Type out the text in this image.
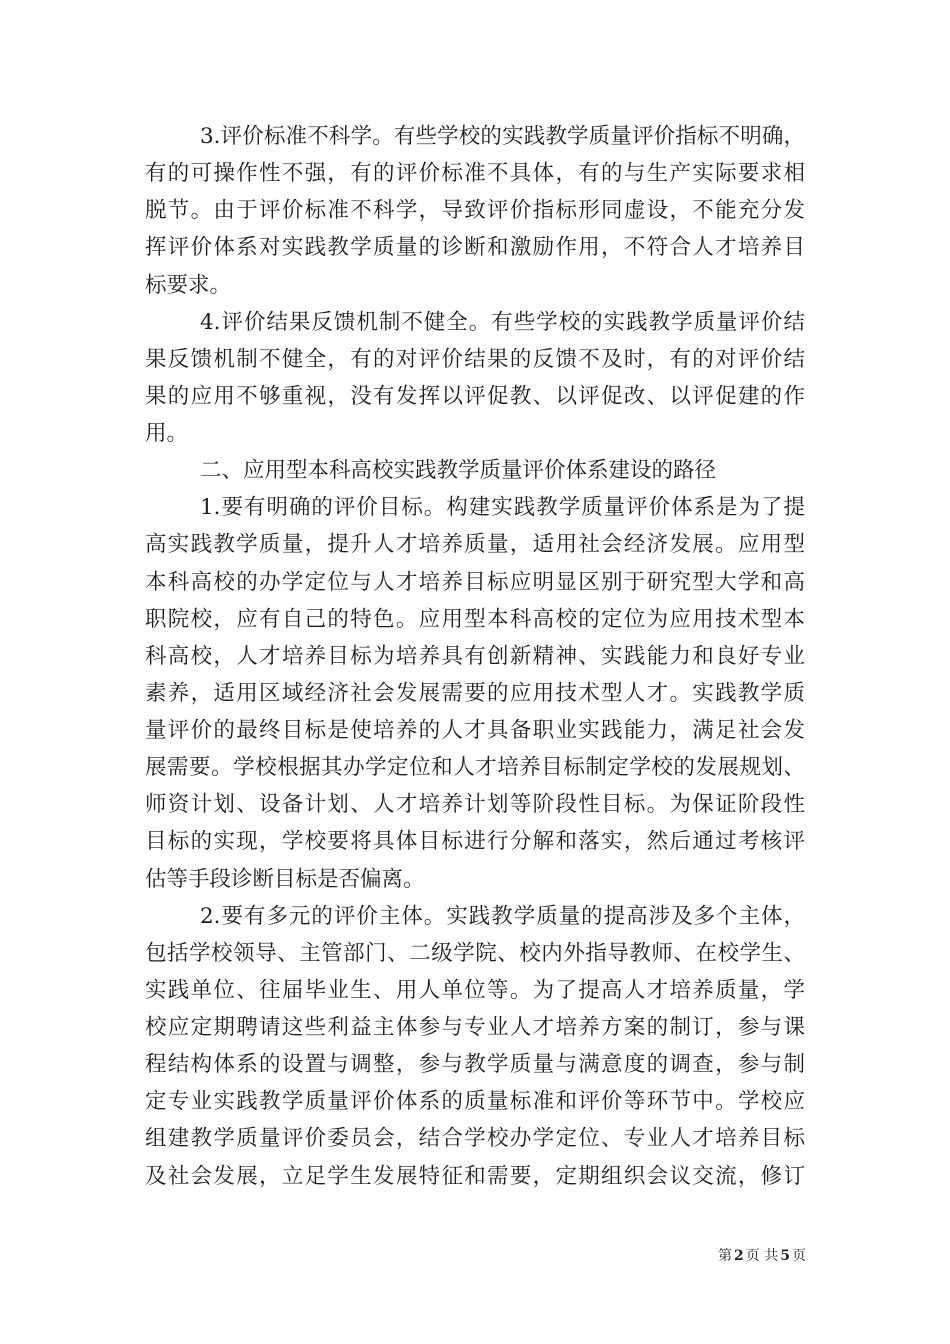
3.评价标准不科学。有些学校的实践教学质量评价指标不明确，
有的可操作性不强，有的评价标准不具体，有的与生产实际要求相
脱节。由于评价标准不科学，导致评价指标形同虚设，不能充分发
挥评价体系对实践教学质量的诊断和激励作用，不符合人才培养目
标要求。
4.评价结果反馈机制不健全。有些学校的实践教学质量评价结
果反馈机制不健全，有的对评价结果的反馈不及时，有的对评价结
果的应用不够重视，没有发挥以评促教、以评促改、以评促建的作
用。
二、应用型本科高校实践教学质量评价体系建设的路径
1.要有明确的评价目标。构建实践教学质量评价体系是为了提
高实践教学质量，提升人才培养质量，适用社会经济发展。应用型
本科高校的办学定位与人才培养目标应明显区别于研究型大学和高
职院校，应有自己的特色。应用型本科高校的定位为应用技术型本
科高校，人才培养目标为培养具有创新精神、实践能力和良好专业
素养，适用区域经济社会发展需要的应用技术型人才。实践教学质
量评价的最终目标是使培养的人才具备职业实践能力，满足社会发
展需要。学校根据其办学定位和人才培养目标制定学校的发展规划、
师资计划、设备计划、人才培养计划等阶段性目标。为保证阶段性
目标的实现，学校要将具体目标进行分解和落实，然后通过考核评
估等手段诊断目标是否偏离。
2.要有多元的评价主体。实践教学质量的提高涉及多个主体，
包括学校领导、主管部门、二级学院、校内外指导教师、在校学生、
实践单位、往届毕业生、用人单位等。为了提高人才培养质量，学
校应定期聘请这些利益主体参与专业人才培养方案的制订，参与课
程结构体系的设置与调整，参与教学质量与满意度的调查，参与制
定专业实践教学质量评价体系的质量标准和评价等环节中。学校应
组建教学质量评价委员会，结合学校办学定位、专业人才培养目标
及社会发展，立足学生发展特征和需要，定期组织会议交流，修订
第 2 页 共 5 页
